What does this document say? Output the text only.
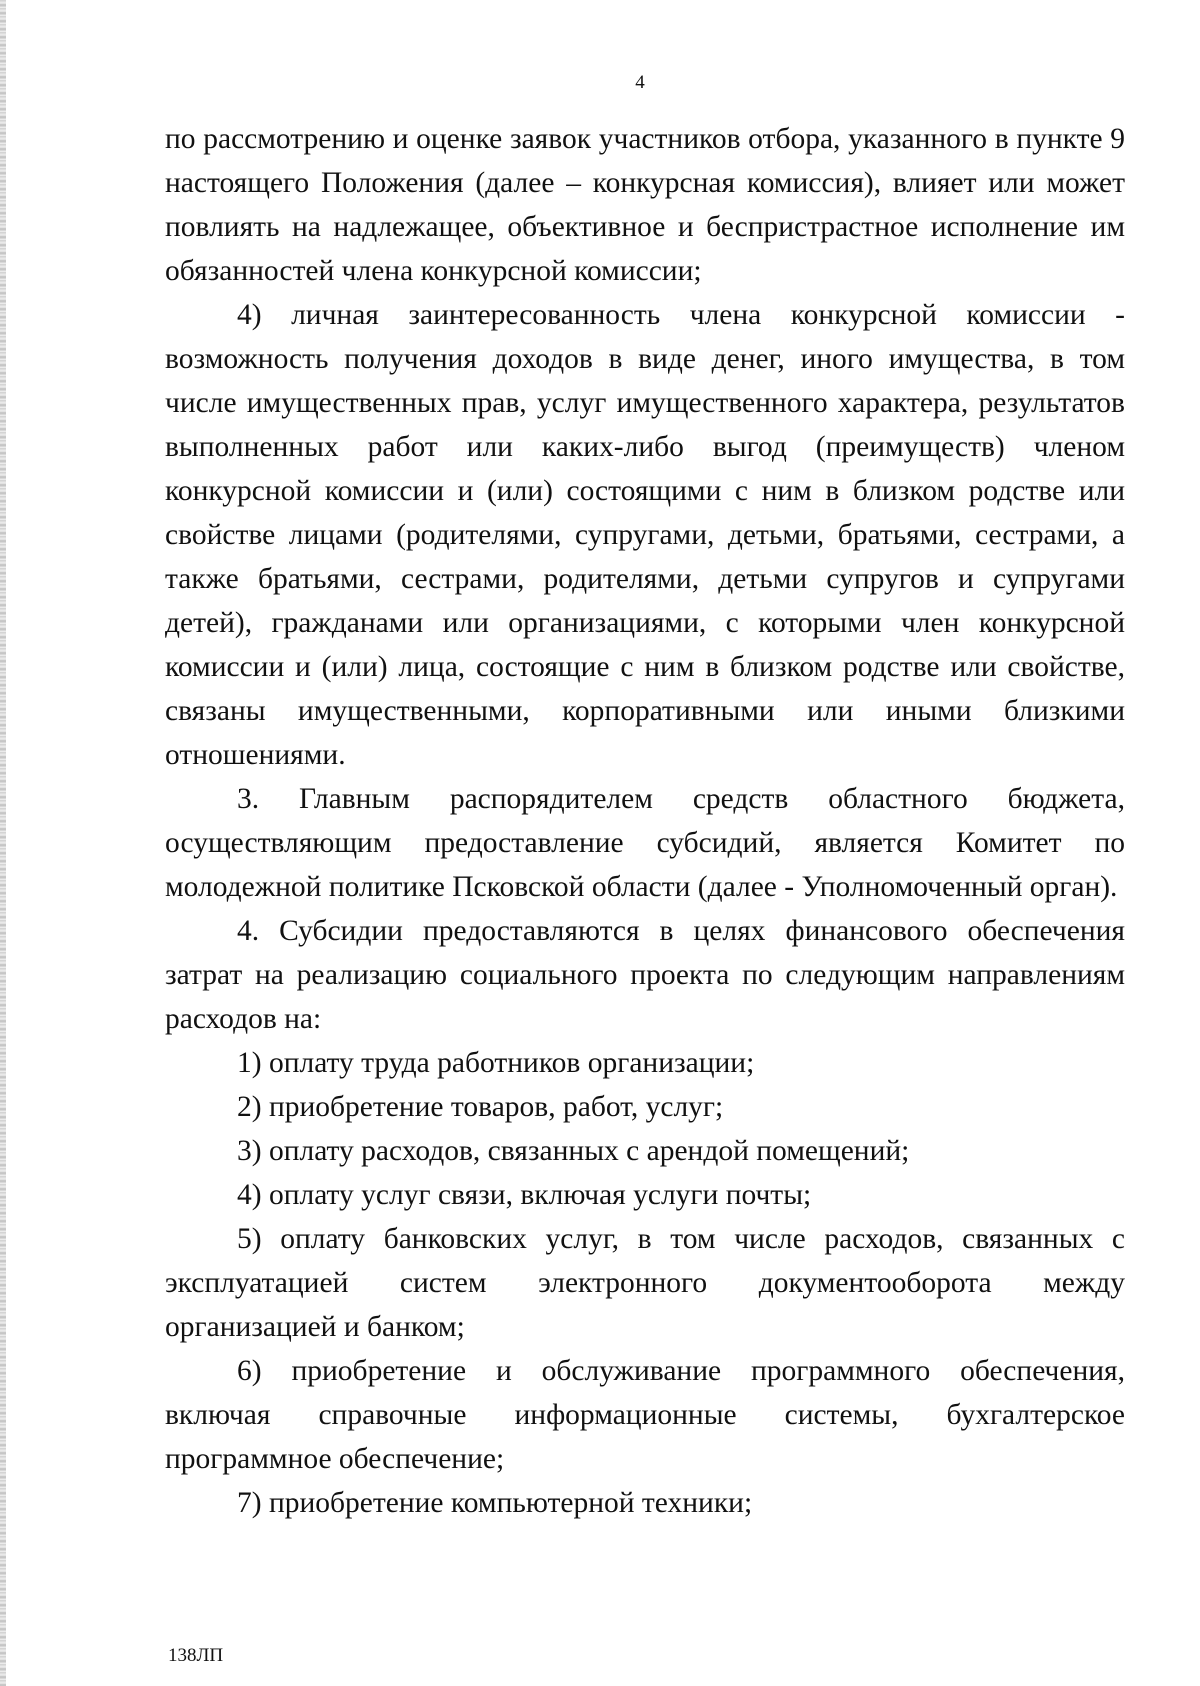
4

по рассмотрению и оценке заявок участников отбора, указанного в пункте 9 настоящего Положения (далее – конкурсная комиссия), влияет или может повлиять на надлежащее, объективное и беспристрастное исполнение им обязанностей члена конкурсной комиссии;

4) личная заинтересованность члена конкурсной комиссии - возможность получения доходов в виде денег, иного имущества, в том числе имущественных прав, услуг имущественного характера, результатов выполненных работ или каких-либо выгод (преимуществ) членом конкурсной комиссии и (или) состоящими с ним в близком родстве или свойстве лицами (родителями, супругами, детьми, братьями, сестрами, а также братьями, сестрами, родителями, детьми супругов и супругами детей), гражданами или организациями, с которыми член конкурсной комиссии и (или) лица, состоящие с ним в близком родстве или свойстве, связаны имущественными, корпоративными или иными близкими отношениями.

3. Главным распорядителем средств областного бюджета, осуществляющим предоставление субсидий, является Комитет по молодежной политике Псковской области (далее - Уполномоченный орган).

4. Субсидии предоставляются в целях финансового обеспечения затрат на реализацию социального проекта по следующим направлениям расходов на:

1) оплату труда работников организации;

2) приобретение товаров, работ, услуг;

3) оплату расходов, связанных с арендой помещений;

4) оплату услуг связи, включая услуги почты;

5) оплату банковских услуг, в том числе расходов, связанных с эксплуатацией систем электронного документооборота между организацией и банком;

6) приобретение и обслуживание программного обеспечения, включая справочные информационные системы, бухгалтерское программное обеспечение;

7) приобретение компьютерной техники;

138ЛП
